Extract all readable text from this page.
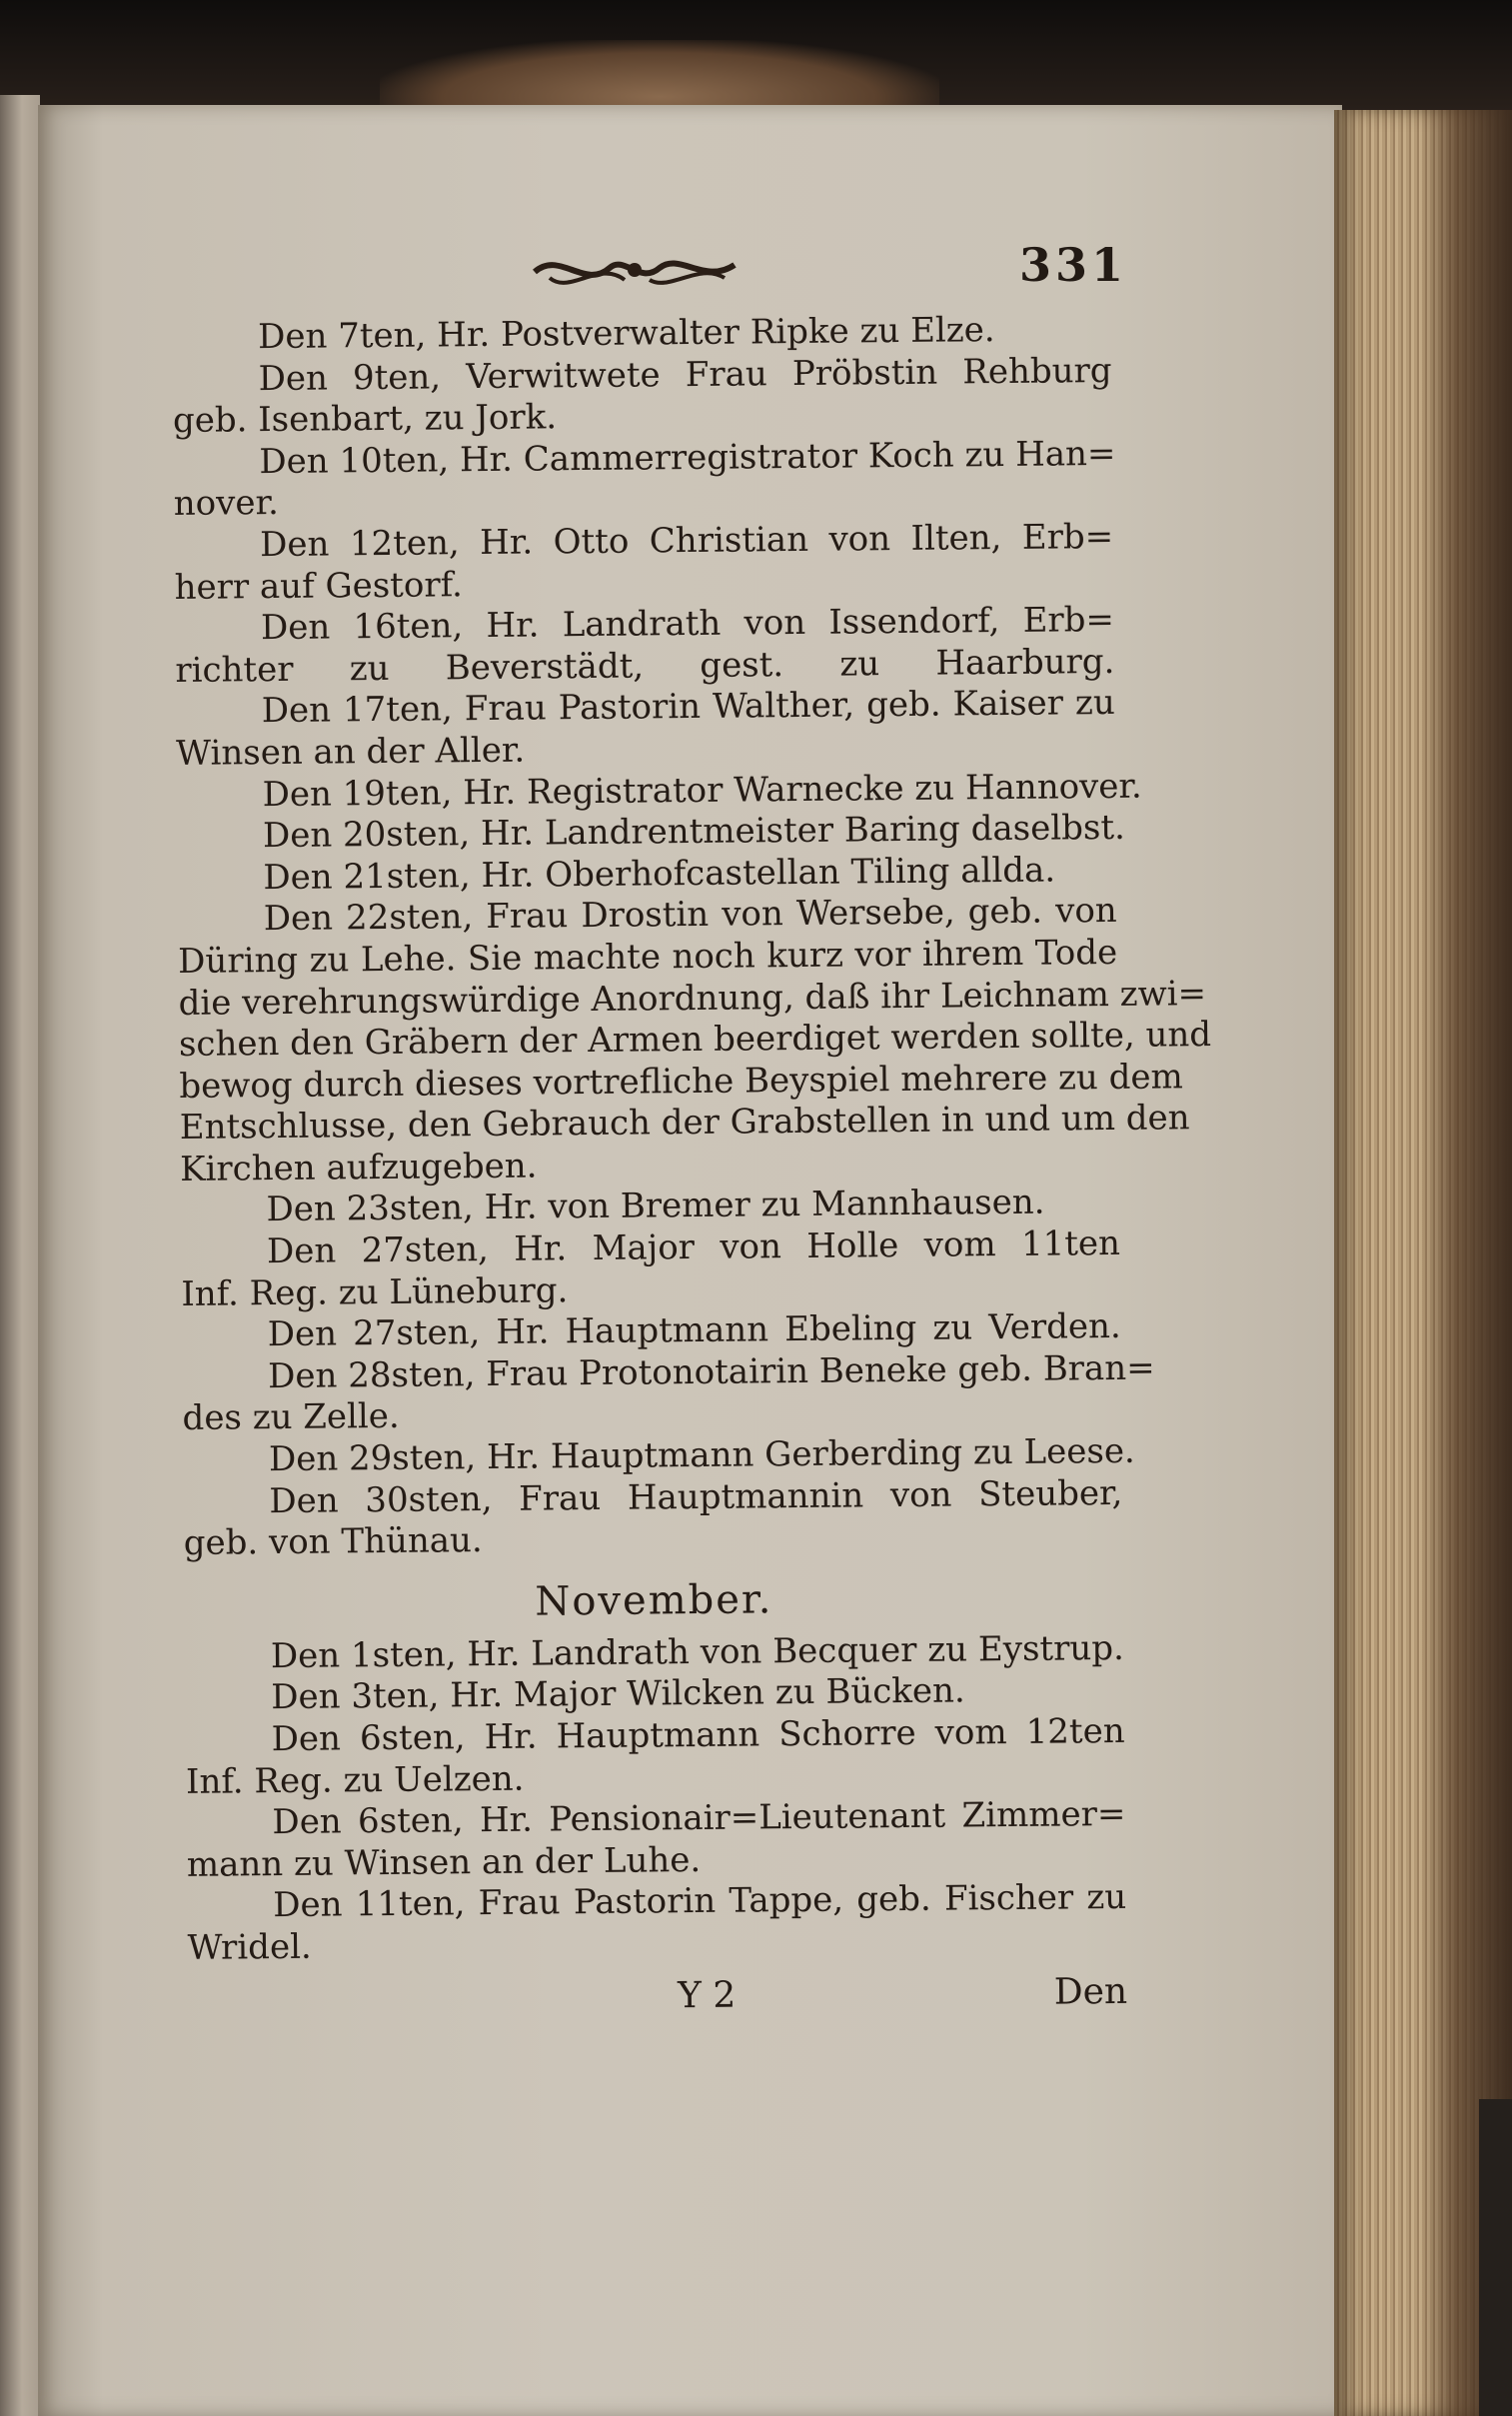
331
Den 7ten, Hr. Postverwalter Ripke zu Elze.
Den 9ten, Verwitwete Frau Pröbstin Rehburg
geb. Isenbart, zu Jork.
Den 10ten, Hr. Cammerregistrator Koch zu Han=
nover.
Den 12ten, Hr. Otto Christian von Ilten, Erb=
herr auf Gestorf.
Den 16ten, Hr. Landrath von Issendorf, Erb=
richter zu Beverstädt, gest. zu Haarburg.
Den 17ten, Frau Pastorin Walther, geb. Kaiser zu
Winsen an der Aller.
Den 19ten, Hr. Registrator Warnecke zu Hannover.
Den 20sten, Hr. Landrentmeister Baring daselbst.
Den 21sten, Hr. Oberhofcastellan Tiling allda.
Den 22sten, Frau Drostin von Wersebe, geb. von
Düring zu Lehe. Sie machte noch kurz vor ihrem Tode
die verehrungswürdige Anordnung, daß ihr Leichnam zwi=
schen den Gräbern der Armen beerdiget werden sollte, und
bewog durch dieses vortrefliche Beyspiel mehrere zu dem
Entschlusse, den Gebrauch der Grabstellen in und um den
Kirchen aufzugeben.
Den 23sten, Hr. von Bremer zu Mannhausen.
Den 27sten, Hr. Major von Holle vom 11ten
Inf. Reg. zu Lüneburg.
Den 27sten, Hr. Hauptmann Ebeling zu Verden.
Den 28sten, Frau Protonotairin Beneke geb. Bran=
des zu Zelle.
Den 29sten, Hr. Hauptmann Gerberding zu Leese.
Den 30sten, Frau Hauptmannin von Steuber,
geb. von Thünau.
November.
Den 1sten, Hr. Landrath von Becquer zu Eystrup.
Den 3ten, Hr. Major Wilcken zu Bücken.
Den 6sten, Hr. Hauptmann Schorre vom 12ten
Inf. Reg. zu Uelzen.
Den 6sten, Hr. Pensionair=Lieutenant Zimmer=
mann zu Winsen an der Luhe.
Den 11ten, Frau Pastorin Tappe, geb. Fischer zu
Wridel.
Y 2	Den
